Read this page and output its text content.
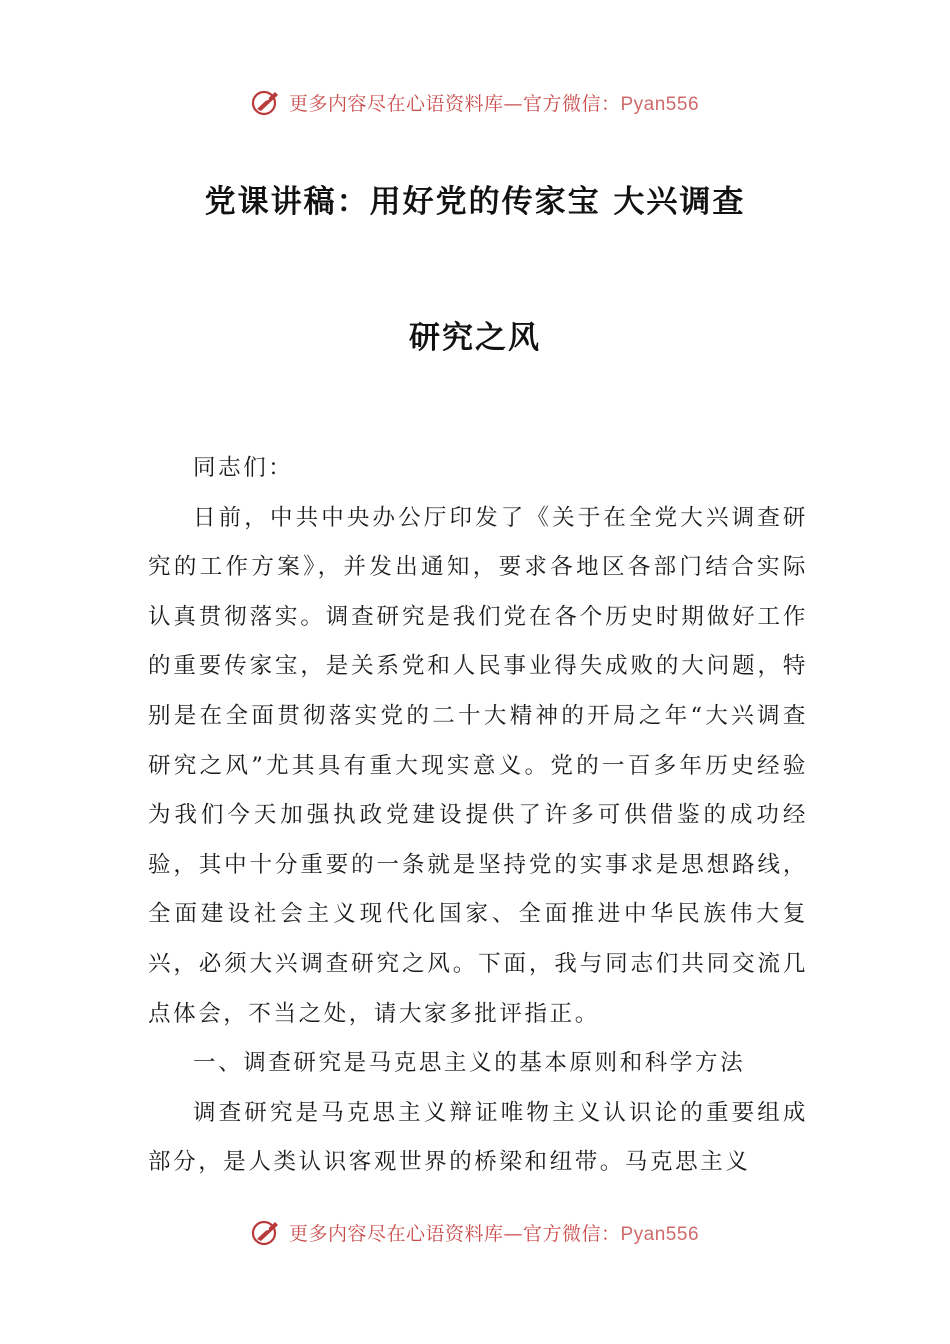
更多内容尽在心语资料库—官方微信：Pyan556
党课讲稿：用好党的传家宝 大兴调查
研究之风

同志们：

日前，中共中央办公厅印发了《关于在全党大兴调查研究的工作方案》，并发出通知，要求各地区各部门结合实际认真贯彻落实。调查研究是我们党在各个历史时期做好工作的重要传家宝，是关系党和人民事业得失成败的大问题，特别是在全面贯彻落实党的二十大精神的开局之年“大兴调查研究之风”尤其具有重大现实意义。党的一百多年历史经验为我们今天加强执政党建设提供了许多可供借鉴的成功经验，其中十分重要的一条就是坚持党的实事求是思想路线，全面建设社会主义现代化国家、全面推进中华民族伟大复兴，必须大兴调查研究之风。下面，我与同志们共同交流几点体会，不当之处，请大家多批评指正。

一、调查研究是马克思主义的基本原则和科学方法

调查研究是马克思主义辩证唯物主义认识论的重要组成部分，是人类认识客观世界的桥梁和纽带。马克思主义

更多内容尽在心语资料库—官方微信：Pyan556
